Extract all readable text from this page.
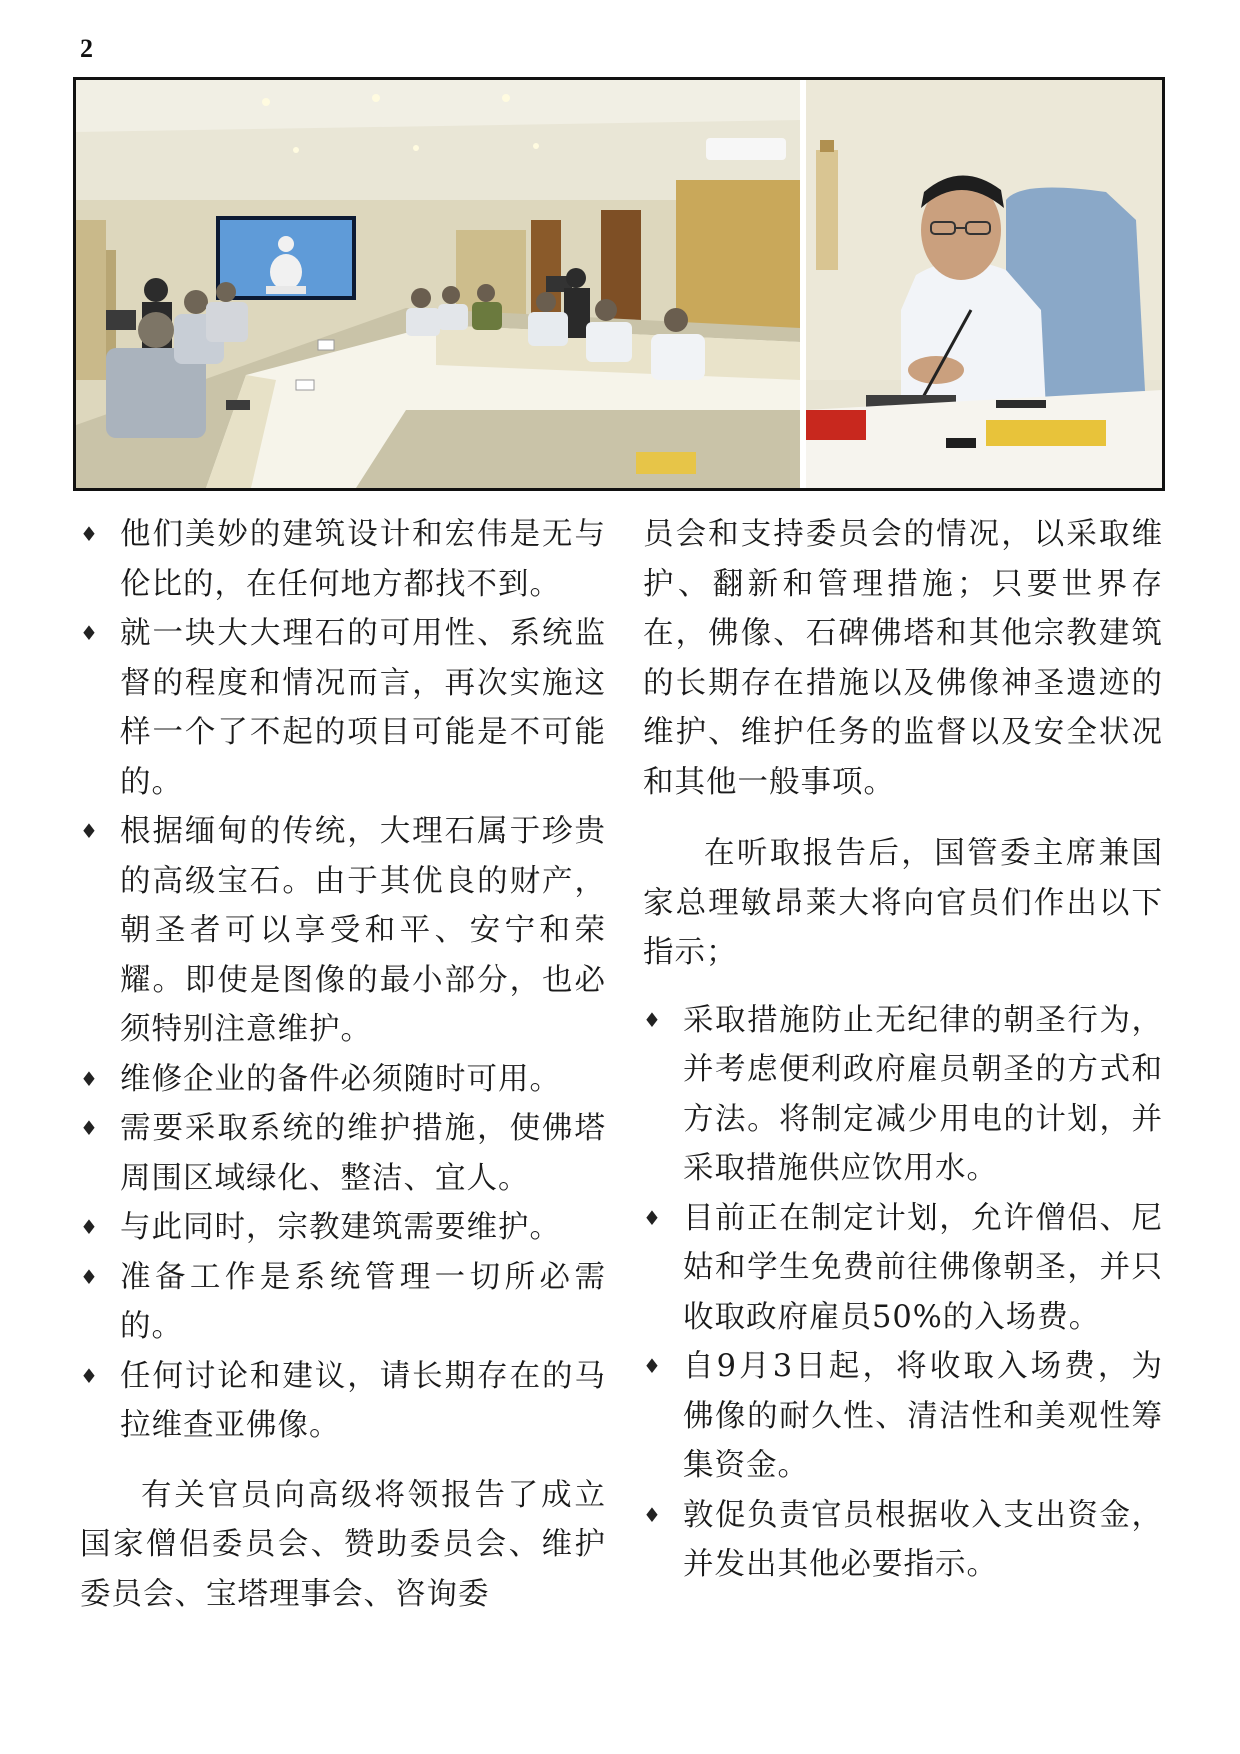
2
♦ 他们美妙的建筑设计和宏伟是无与伦比的，在任何地方都找不到。
♦ 就一块大大理石的可用性、系统监督的程度和情况而言，再次实施这样一个了不起的项目可能是不可能的。
♦ 根据缅甸的传统，大理石属于珍贵的高级宝石。由于其优良的财产，朝圣者可以享受和平、安宁和荣耀。即使是图像的最小部分，也必须特别注意维护。
♦ 维修企业的备件必须随时可用。
♦ 需要采取系统的维护措施，使佛塔周围区域绿化、整洁、宜人。
♦ 与此同时，宗教建筑需要维护。
♦ 准备工作是系统管理一切所必需的。
♦ 任何讨论和建议，请长期存在的马拉维查亚佛像。
有关官员向高级将领报告了成立国家僧侣委员会、赞助委员会、维护委员会、宝塔理事会、咨询委
员会和支持委员会的情况，以采取维护、翻新和管理措施；只要世界存在，佛像、石碑佛塔和其他宗教建筑的长期存在措施以及佛像神圣遗迹的维护、维护任务的监督以及安全状况和其他一般事项。
在听取报告后，国管委主席兼国家总理敏昂莱大将向官员们作出以下指示；
♦ 采取措施防止无纪律的朝圣行为，并考虑便利政府雇员朝圣的方式和方法。将制定减少用电的计划，并采取措施供应饮用水。
♦ 目前正在制定计划，允许僧侣、尼姑和学生免费前往佛像朝圣，并只收取政府雇员50%的入场费。
♦ 自9月3日起，将收取入场费，为佛像的耐久性、清洁性和美观性筹集资金。
♦ 敦促负责官员根据收入支出资金，并发出其他必要指示。
